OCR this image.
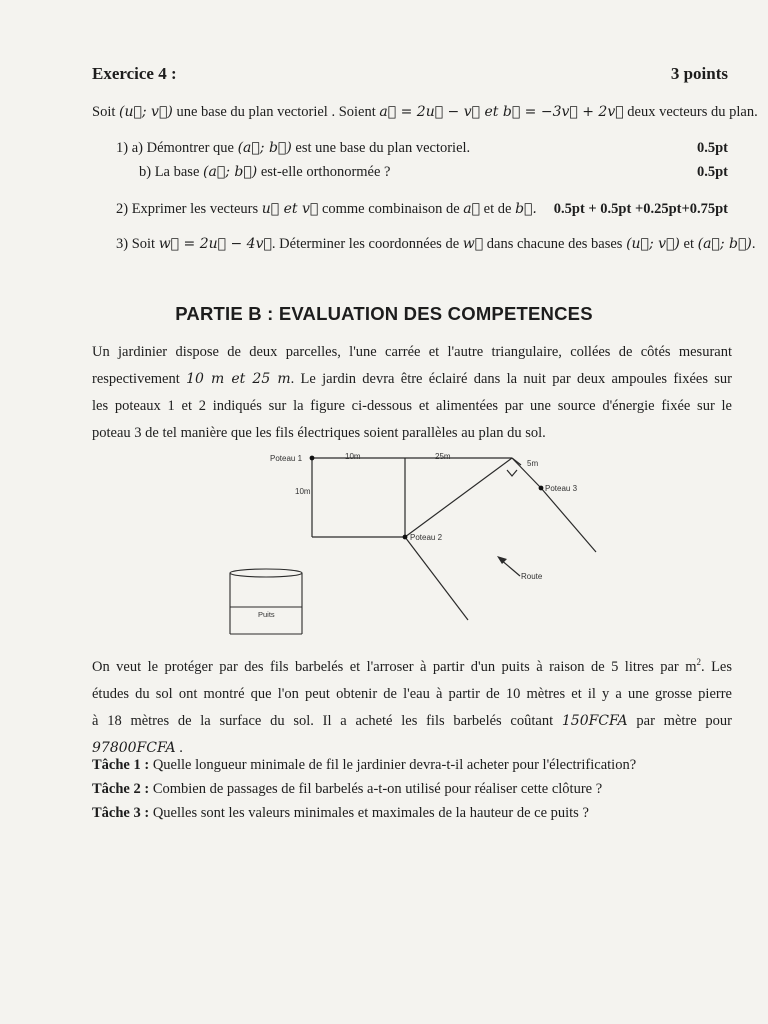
Exercice 4 :	3 points
Soit (u⃗; v⃗) une base du plan vectoriel . Soient a⃗ = 2u⃗ − v⃗ et b⃗ = −3v⃗ + 2v⃗ deux vecteurs du plan.
1) a) Démontrer que (a⃗; b⃗) est une base du plan vectoriel.	0.5pt
b) La base (a⃗; b⃗) est-elle orthonormée ?	0.5pt
2) Exprimer les vecteurs u⃗ et v⃗ comme combinaison de a⃗ et de b⃗. 0.5pt + 0.5pt +0.25pt+0.75pt
3) Soit w⃗ = 2u⃗ − 4v⃗. Déterminer les coordonnées de w⃗ dans chacune des bases (u⃗; v⃗) et (a⃗; b⃗).
PARTIE B : EVALUATION DES COMPETENCES
Un jardinier dispose de deux parcelles, l'une carrée et l'autre triangulaire, collées de côtés mesurant
respectivement 10 m et 25 m. Le jardin devra être éclairé dans la nuit par deux ampoules fixées sur
les poteaux 1 et 2 indiqués sur la figure ci-dessous et alimentées par une source d'énergie fixée sur le
poteau 3 de tel manière que les fils électriques soient parallèles au plan du sol.
Poteau 1	10m	25m
5m
Poteau 3
10m
Poteau 2
Route
Puits
On veut le protéger par des fils barbelés et l'arroser à partir d'un puits à raison de 5 litres par $m^2$. Les
études du sol ont montré que l'on peut obtenir de l'eau à partir de 10 mètres et il y a une grosse pierre
à 18 mètres de la surface du sol. Il a acheté les fils barbelés coûtant 150FCFA par mètre pour
97800FCFA .
Tâche 1 : Quelle longueur minimale de fil le jardinier devra-t-il acheter pour l'électrification?
Tâche 2 : Combien de passages de fil barbelés a-t-on utilisé pour réaliser cette clôture ?
Tâche 3 : Quelles sont les valeurs minimales et maximales de la hauteur de ce puits ?
